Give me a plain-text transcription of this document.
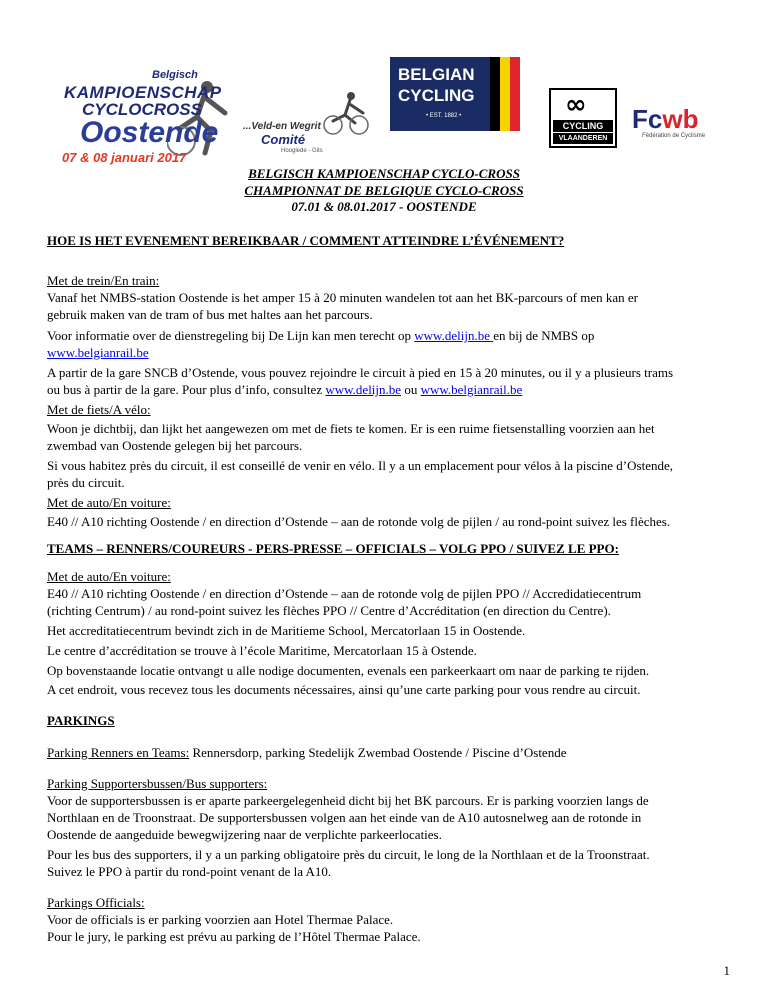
Belgisch
KAMPIOENSCHAP
CYCLOCROSS
Oostende
07 & 08 januari 2017
...Veld-en Wegrit
Comité
Hooglede - Gits
BELGIAN
CYCLING
• EST. 1882 •	∞
CYCLING
VLAANDEREN
Fcwb
Fédération de Cyclisme
BELGISCH KAMPIOENSCHAP CYCLO-CROSS
CHAMPIONNAT DE BELGIQUE CYCLO-CROSS
07.01 & 08.01.2017 - OOSTENDE
HOE IS HET EVENEMENT BEREIKBAAR / COMMENT ATTEINDRE L’ÉVÉNEMENT?
Met de trein/En train:
Vanaf het NMBS-station Oostende is het amper 15 à 20 minuten wandelen tot aan het BK-parcours of men kan er
gebruik maken van de tram of bus met haltes aan het parcours.
Voor informatie over de dienstregeling bij De Lijn kan men terecht op www.delijn.be en bij de NMBS op
www.belgianrail.be
A partir de la gare SNCB d’Ostende, vous pouvez rejoindre le circuit à pied en 15 à 20 minutes, ou il y a plusieurs trams
ou bus à partir de la gare. Pour plus d’info, consultez www.delijn.be ou www.belgianrail.be
Met de fiets/A vélo:
Woon je dichtbij, dan lijkt het aangewezen om met de fiets te komen. Er is een ruime fietsenstalling voorzien aan het
zwembad van Oostende gelegen bij het parcours.
Si vous habitez près du circuit, il est conseillé de venir en vélo. Il y a un emplacement pour vélos à la piscine d’Ostende,
près du circuit.
Met de auto/En voiture:
E40 // A10 richting Oostende / en direction d’Ostende – aan de rotonde volg de pijlen / au rond-point suivez les flèches.
TEAMS – RENNERS/COUREURS - PERS-PRESSE – OFFICIALS – VOLG PPO / SUIVEZ LE PPO:
Met de auto/En voiture:
E40 // A10 richting Oostende / en direction d’Ostende – aan de rotonde volg de pijlen PPO // Accredidatiecentrum
(richting Centrum) / au rond-point suivez les flèches PPO // Centre d’Accréditation (en direction du Centre).
Het accreditatiecentrum bevindt zich in de Maritieme School, Mercatorlaan 15 in Oostende.
Le centre d’accréditation se trouve à l’école Maritime, Mercatorlaan 15 à Ostende.
Op bovenstaande locatie ontvangt u alle nodige documenten, evenals een parkeerkaart om naar de parking te rijden.
A cet endroit, vous recevez tous les documents nécessaires, ainsi qu’une carte parking pour vous rendre au circuit.
PARKINGS
Parking Renners en Teams: Rennersdorp, parking Stedelijk Zwembad Oostende / Piscine d’Ostende
Parking Supportersbussen/Bus supporters:
Voor de supportersbussen is er aparte parkeergelegenheid dicht bij het BK parcours. Er is parking voorzien langs de
Northlaan en de Troonstraat. De supportersbussen volgen aan het einde van de A10 autosnelweg aan de rotonde in
Oostende de aangeduide bewegwijzering naar de verplichte parkeerlocaties.
Pour les bus des supporters, il y a un parking obligatoire près du circuit, le long de la Northlaan et de la Troonstraat.
Suivez le PPO à partir du rond-point venant de la A10.
Parkings Officials:
Voor de officials is er parking voorzien aan Hotel Thermae Palace.
Pour le jury, le parking est prévu au parking de l’Hôtel Thermae Palace.
1
